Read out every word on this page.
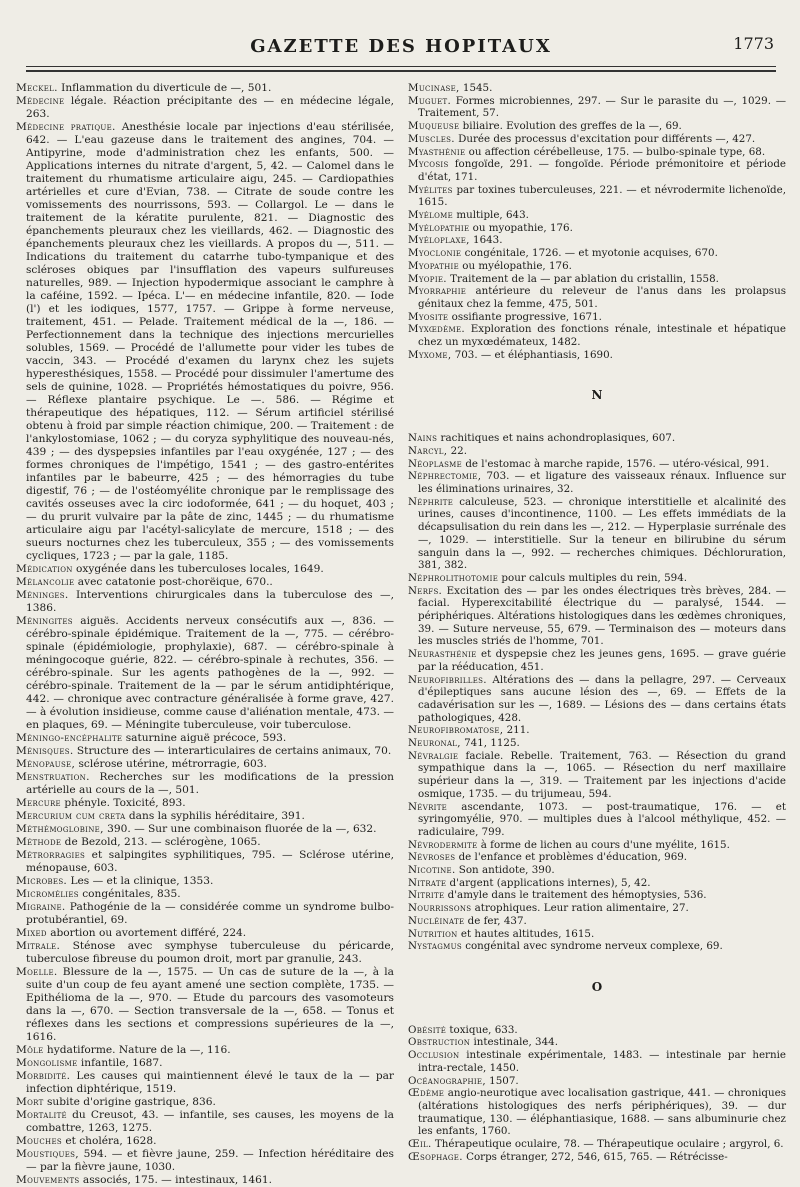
GAZETTE DES HOPITAUX	1773

Meckel. Inflammation du diverticule de —, 501.

Médecine légale. Réaction précipitante des — en médecine légale, 263.

Médecine pratique. Anesthésie locale par injections d'eau stérilisée, 642. — L'eau gazeuse dans le traitement des angines, 704. — Antipyrine, mode d'administration chez les enfants, 500. — Applications internes du nitrate d'argent, 5, 42. — Calomel dans le traitement du rhumatisme articulaire aigu, 245. — Cardiopathies artérielles et cure d'Evian, 738. — Citrate de soude contre les vomissements des nourrissons, 593. — Collargol. Le — dans le traitement de la kératite purulente, 821. — Diagnostic des épanchements pleuraux chez les vieillards, 462. — Diagnostic des épanchements pleuraux chez les vieillards. A propos du —, 511. — Indications du traitement du catarrhe tubo-tympanique et des scléroses obiques par l'insufflation des vapeurs sulfureuses naturelles, 989. — Injection hypodermique associant le camphre à la caféine, 1592. — Ipéca. L'— en médecine infantile, 820. — Iode (l') et les iodiques, 1577, 1757. — Grippe à forme nerveuse, traitement, 451. — Pelade. Traitement médical de la —, 186. — Perfectionnement dans la technique des injections mercurielles solubles, 1569. — Procédé de l'allumette pour vider les tubes de vaccin, 343. — Procédé d'examen du larynx chez les sujets hyperesthésiques, 1558. — Procédé pour dissimuler l'amertume des sels de quinine, 1028. — Propriétés hémostatiques du poivre, 956. — Réflexe plantaire psychique. Le —. 586. — Régime et thérapeutique des hépatiques, 112. — Sérum artificiel stérilisé obtenu à froid par simple réaction chimique, 200. — Traitement : de l'ankylostomiase, 1062 ; — du coryza syphylitique des nouveau-nés, 439 ; — des dyspepsies infantiles par l'eau oxygénée, 127 ; — des formes chroniques de l'impétigo, 1541 ; — des gastro-entérites infantiles par le babeurre, 425 ; — des hémorragies du tube digestif, 76 ; — de l'ostéomyélite chronique par le remplissage des cavités osseuses avec la circ iodoformée, 641 ; — du hoquet, 403 ; — du prurit vulvaire par la pâte de zinc, 1445 ; — du rhumatisme articulaire aigu par l'acétyl-salicylate de mercure, 1518 ; — des sueurs nocturnes chez les tuberculeux, 355 ; — des vomissements cycliques, 1723 ; — par la gale, 1185.

Médication oxygénée dans les tuberculoses locales, 1649.

Mélancolie avec catatonie post-chorëique, 670..

Méninges. Interventions chirurgicales dans la tuberculose des —, 1386.

Méningites aiguës. Accidents nerveux consécutifs aux —, 836. — cérébro-spinale épidémique. Traitement de la —, 775. — cérébro-spinale (épidémiologie, prophylaxie), 687. — cérébro-spinale à méningocoque guérie, 822. — cérébro-spinale à rechutes, 356. — cérébro-spinale. Sur les agents pathogènes de la —, 992. — cérébro-spinale. Traitement de la — par le sérum antidiphtérique, 442. — chronique avec contracture généralisée à forme grave, 427. — à évolution insidieuse, comme cause d'aliénation mentale, 473. — en plaques, 69. — Méningite tuberculeuse, voir tuberculose.

Méningo-encéphalite saturnine aiguë précoce, 593.

Ménisques. Structure des — interarticulaires de certains animaux, 70.

Ménopause, sclérose utérine, métrorragie, 603.

Menstruation. Recherches sur les modifications de la pression artérielle au cours de la —, 501.

Mercure phényle. Toxicité, 893.

Mercurium cum creta dans la syphilis héréditaire, 391.

Méthémoglobine, 390. — Sur une combinaison fluorée de la —, 632.

Méthode de Bezold, 213. — sclérogène, 1065.

Métrorragies et salpingites syphilitiques, 795. — Sclérose utérine, ménopause, 603.

Microbes. Les — et la clinique, 1353.

Micromélies congénitales, 835.

Migraine. Pathogénie de la — considérée comme un syndrome bulbo-protubérantiel, 69.

Mixed abortion ou avortement différé, 224.

Mitrale. Sténose avec symphyse tuberculeuse du péricarde, tuberculose fibreuse du poumon droit, mort par granulie, 243.

Moelle. Blessure de la —, 1575. — Un cas de suture de la —, à la suite d'un coup de feu ayant amené une section complète, 1735. — Epithélioma de la —, 970. — Etude du parcours des vasomoteurs dans la —, 670. — Section transversale de la —, 658. — Tonus et réflexes dans les sections et compressions supérieures de la —, 1616.

Môle hydatiforme. Nature de la —, 116.

Mongolisme infantile, 1687.

Morbidité. Les causes qui maintiennent élevé le taux de la — par infection diphtérique, 1519.

Mort subite d'origine gastrique, 836.

Mortalité du Creusot, 43. — infantile, ses causes, les moyens de la combattre, 1263, 1275.

Mouches et choléra, 1628.

Moustiques, 594. — et fièvre jaune, 259. — Infection héréditaire des — par la fièvre jaune, 1030.

Mouvements associés, 175. — intestinaux, 1461.

Mucinase, 1545.

Muguet. Formes microbiennes, 297. — Sur le parasite du —, 1029. — Traitement, 57.

Muqueuse biliaire. Evolution des greffes de la —, 69.

Muscles. Durée des processus d'excitation pour différents —, 427.

Myasthénie ou affection cérébelleuse, 175. — bulbo-spinale type, 68.

Mycosis fongoïde, 291. — fongoïde. Période prémonitoire et période d'état, 171.

Myélites par toxines tuberculeuses, 221. — et névrodermite lichenoïde, 1615.

Myélome multiple, 643.

Myélopathie ou myopathie, 176.

Myéloplaxe, 1643.

Myoclonie congénitale, 1726. — et myotonie acquises, 670.

Myopathie ou myélopathie, 176.

Myopie. Traitement de la — par ablation du cristallin, 1558.

Myorraphie antérieure du releveur de l'anus dans les prolapsus génitaux chez la femme, 475, 501.

Myosite ossifiante progressive, 1671.

Myxœdème. Exploration des fonctions rénale, intestinale et hépatique chez un myxœdémateux, 1482.

Myxome, 703. — et éléphantiasis, 1690.

N

Nains rachitiques et nains achondroplasiques, 607.

Narcyl, 22.

Néoplasme de l'estomac à marche rapide, 1576. — utéro-vésical, 991.

Néphrectomie, 703. — et ligature des vaisseaux rénaux. Influence sur les éliminations urinaires, 32.

Néphrite calculeuse, 523. — chronique interstitielle et alcalinité des urines, causes d'incontinence, 1100. — Les effets immédiats de la décapsulisation du rein dans les —, 212. — Hyperplasie surrénale des —, 1029. — interstitielle. Sur la teneur en bilirubine du sérum sanguin dans la —, 992. — recherches chimiques. Déchloruration, 381, 382.

Néphrolithotomie pour calculs multiples du rein, 594.

Nerfs. Excitation des — par les ondes électriques très brèves, 284. — facial. Hyperexcitabilité électrique du — paralysé, 1544. — périphériques. Altérations histologiques dans les œdèmes chroniques, 39. — Suture nerveuse, 55, 679. — Terminaison des — moteurs dans les muscles striés de l'homme, 701.

Neurasthénie et dyspepsie chez les jeunes gens, 1695. — grave guérie par la rééducation, 451.

Neurofibrilles. Altérations des — dans la pellagre, 297. — Cerveaux d'épileptiques sans aucune lésion des —, 69. — Effets de la cadavérisation sur les —, 1689. — Lésions des — dans certains états pathologiques, 428.

Neurofibromatose, 211.

Neuronal, 741, 1125.

Névralgie faciale. Rebelle. Traitement, 763. — Résection du grand sympathique dans la —, 1065. — Résection du nerf maxillaire supérieur dans la —, 319. — Traitement par les injections d'acide osmique, 1735. — du trijumeau, 594.

Névrite ascendante, 1073. — post-traumatique, 176. — et syringomyélie, 970. — multiples dues à l'alcool méthylique, 452. — radiculaire, 799.

Névrodermite à forme de lichen au cours d'une myélite, 1615.

Névroses de l'enfance et problèmes d'éducation, 969.

Nicotine. Son antidote, 390.

Nitrate d'argent (applications internes), 5, 42.

Nitrite d'amyle dans le traitement des hémoptysies, 536.

Nourrissons atrophiques. Leur ration alimentaire, 27.

Nucléinate de fer, 437.

Nutrition et hautes altitudes, 1615.

Nystagmus congénital avec syndrome nerveux complexe, 69.

O

Obésité toxique, 633.

Obstruction intestinale, 344.

Occlusion intestinale expérimentale, 1483. — intestinale par hernie intra-rectale, 1450.

Océanographie, 1507.

Œdème angio-neurotique avec localisation gastrique, 441. — chroniques (altérations histologiques des nerfs périphériques), 39. — dur traumatique, 130. — éléphantiasique, 1688. — sans albuminurie chez les enfants, 1760.

Œil. Thérapeutique oculaire, 78. — Thérapeutique oculaire ; argyrol, 6.

Œsophage. Corps étranger, 272, 546, 615, 765. — Rétrécisse-
